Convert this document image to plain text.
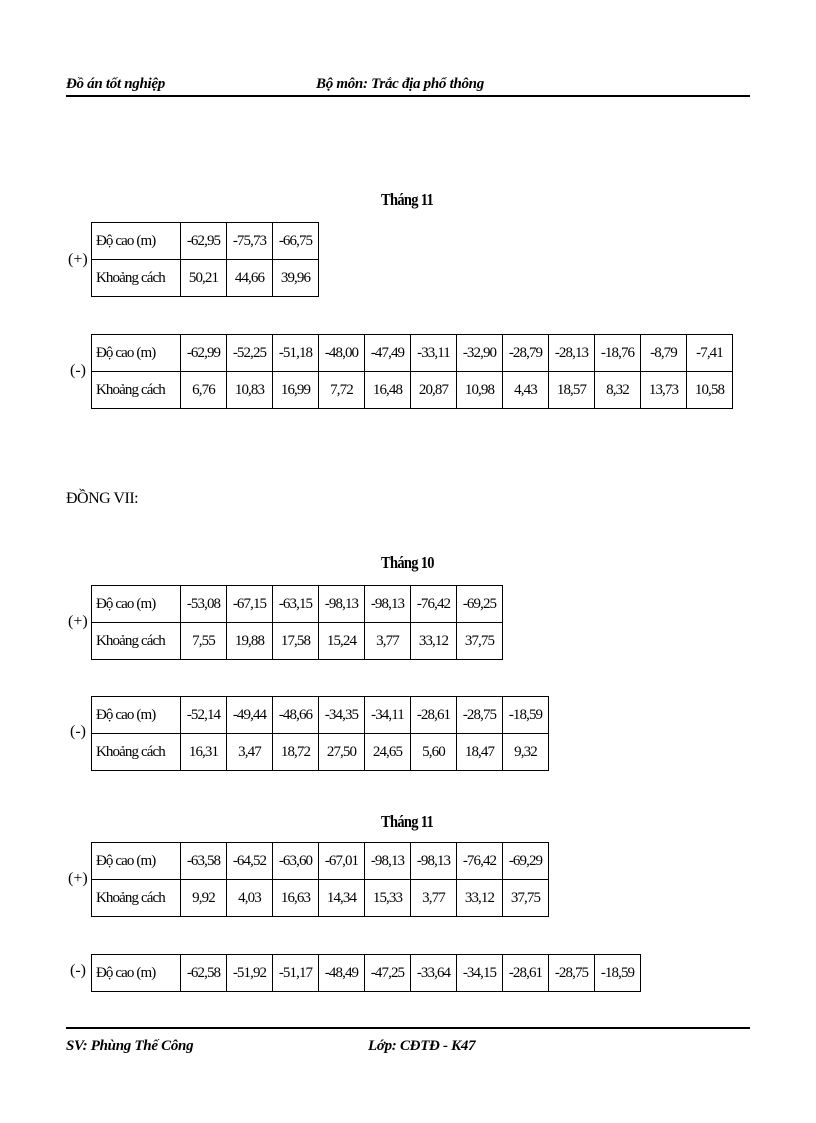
Đồ án tốt nghiệp	Bộ môn: Trắc địa phổ thông
Tháng 11
(+)
Độ cao (m)	-62,95	-75,73	-66,75
Khoảng cách	50,21	44,66	39,96
(-)
Độ cao (m)	-62,99	-52,25	-51,18	-48,00	-47,49	-33,11	-32,90	-28,79	-28,13	-18,76	-8,79	-7,41
Khoảng cách	6,76	10,83	16,99	7,72	16,48	20,87	10,98	4,43	18,57	8,32	13,73	10,58
ĐỒNG VII:
Tháng 10
(+)
Độ cao (m)	-53,08	-67,15	-63,15	-98,13	-98,13	-76,42	-69,25
Khoảng cách	7,55	19,88	17,58	15,24	3,77	33,12	37,75
(-)
Độ cao (m)	-52,14	-49,44	-48,66	-34,35	-34,11	-28,61	-28,75	-18,59
Khoảng cách	16,31	3,47	18,72	27,50	24,65	5,60	18,47	9,32
Tháng 11
(+)
Độ cao (m)	-63,58	-64,52	-63,60	-67,01	-98,13	-98,13	-76,42	-69,29
Khoảng cách	9,92	4,03	16,63	14,34	15,33	3,77	33,12	37,75
(-) Độ cao (m)	-62,58	-51,92	-51,17	-48,49	-47,25	-33,64	-34,15	-28,61	-28,75	-18,59
SV: Phùng Thế Công	Lớp: CĐTĐ - K47
